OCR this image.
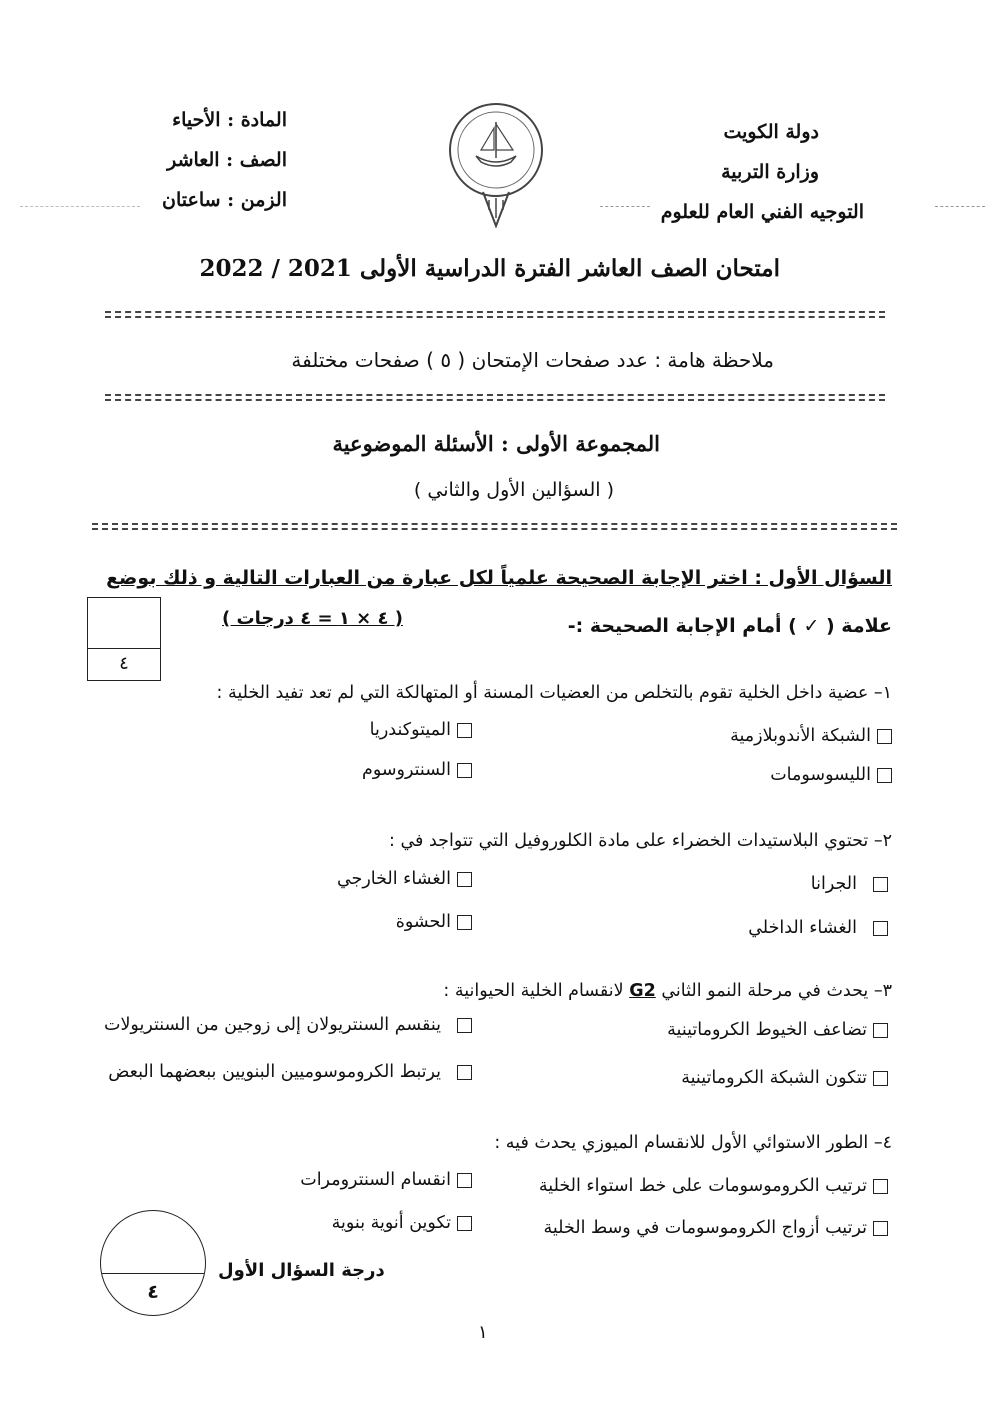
دولة الكويت
وزارة التربية
التوجيه الفني العام للعلوم
المادة : الأحياء
الصف : العاشر
الزمن : ساعتان
امتحان الصف العاشر الفترة الدراسية الأولى 2021 / 2022
ملاحظة هامة : عدد صفحات الإمتحان ( ٥ ) صفحات مختلفة
المجموعة الأولى : الأسئلة الموضوعية
( السؤالين الأول والثاني )
السؤال الأول : اختر الإجابة الصحيحة علمياً لكل عبارة من العبارات التالية و ذلك بوضع
علامة ( ✓ ) أمام الإجابة الصحيحة :-
( ٤ × ١ = ٤ درجات )
٤
١– عضية داخل الخلية تقوم بالتخلص من العضيات المسنة أو المتهالكة التي لم تعد تفيد الخلية :
الشبكة الأندوبلازمية
الميتوكندريا
الليسوسومات
السنتروسوم
٢– تحتوي البلاستيدات الخضراء على مادة الكلوروفيل التي تتواجد في :
الجرانا
الغشاء الخارجي
الغشاء الداخلي
الحشوة
٣– يحدث في مرحلة النمو الثاني G2 لانقسام الخلية الحيوانية :
تضاعف الخيوط الكروماتينية
ينقسم السنتريولان إلى زوجين من السنتريولات
تتكون الشبكة الكروماتينية
يرتبط الكروموسوميين البنويين ببعضهما البعض
٤– الطور الاستوائي الأول للانقسام الميوزي يحدث فيه :
ترتيب الكروموسومات على خط استواء الخلية
انقسام السنترومرات
ترتيب أزواج الكروموسومات في وسط الخلية
تكوين أنوية بنوية
درجة السؤال الأول
٤
١
